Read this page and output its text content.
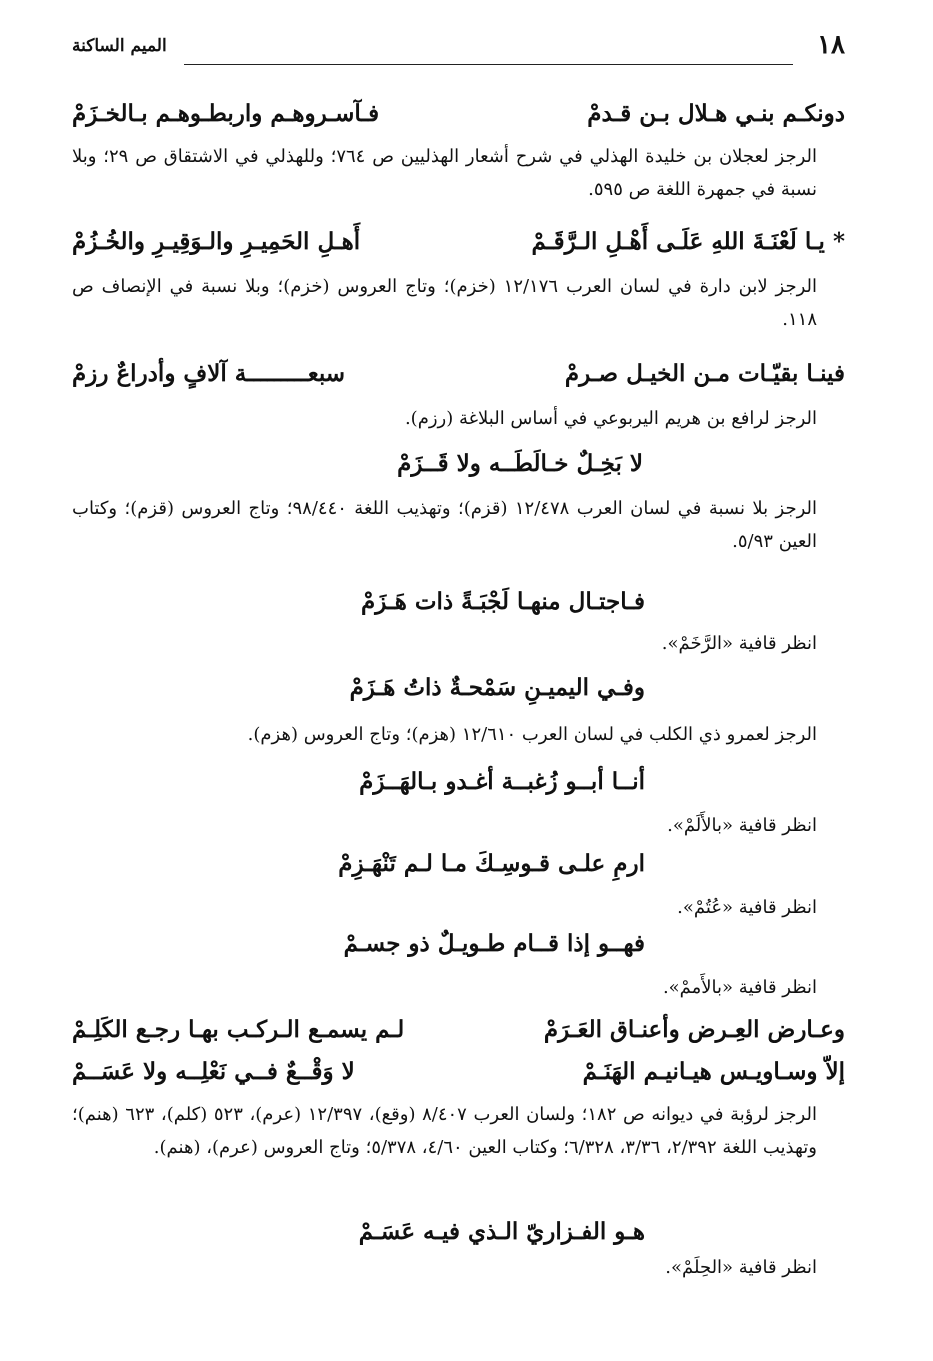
١٨
الميم الساكنة
دونكـم بنـي هـلال بـن قـدمْ
فـآسـروهـم واربطـوهـم بـالخـزَمْ
الرجز لعجلان بن خليدة الهذلي في شرح أشعار الهذليين ص ٧٦٤؛ وللهذلي في الاشتقاق ص ٢٩؛ وبلا نسبة في جمهرة اللغة ص ٥٩٥.
* يـا لَعْنَـةَ اللهِ عَلَـى أَهْـلِ الـرَّقَـمْ
أَهـلِ الحَمِيـرِ والـوَقِيـرِ والخُـزُمْ
الرجز لابن دارة في لسان العرب ١٢/١٧٦ (خزم)؛ وتاج العروس (خزم)؛ وبلا نسبة في الإنصاف ص ١١٨.
فينـا بقيّـات مـن الخيـل صـرمْ
سبعـــــــــة آلافٍ وأدراعٌ رزمْ
الرجز لرافع بن هريم اليربوعي في أساس البلاغة (رزم).
لا بَخِـلٌ خـالَطَــه ولا قَــزَمْ
الرجز بلا نسبة في لسان العرب ١٢/٤٧٨ (قزم)؛ وتهذيب اللغة ٩٨/٤٤٠؛ وتاج العروس (قزم)؛ وكتاب العين ٥/٩٣.
فـاجتـال منهـا لَجْبَـةً ذات هَـزَمْ
انظر قافية «الرَّخَمْ».
وفـي اليميـنِ سَمْحـةٌ ذاتُ هَـزَمْ
الرجز لعمرو ذي الكلب في لسان العرب ١٢/٦١٠ (هزم)؛ وتاج العروس (هزم).
أنــا أبــو زُغبــة أغـدو بـالهَــزَمْ
انظر قافية «بالأَلَمْ».
ارمِ علـى قـوسِـكَ مـا لـم تَنْهَـزِمْ
انظر قافية «عُتُمْ».
فهــو إذا قــام طـويـلٌ ذو جسـمْ
انظر قافية «بالأَممْ».
وعـارض العِـرض وأعنـاق العَـرَمْ
لـم يسمـع الـركـب بهـا رجـع الكَلِـمْ
إلاّ وسـاويـس هيـانيـم الهَنَـمْ
لا وَقْــعٌ فــي نَعْلِــه ولا عَسَــمْ
الرجز لرؤبة في ديوانه ص ١٨٢؛ ولسان العرب ٨/٤٠٧ (وقع)، ١٢/٣٩٧ (عرم)، ٥٢٣ (كلم)، ٦٢٣ (هنم)؛ وتهذيب اللغة ٢/٣٩٢، ٣/٣٦، ٦/٣٢٨؛ وكتاب العين ٤/٦٠، ٥/٣٧٨؛ وتاج العروس (عرم)، (هنم).
هـو الفـزاريّ الـذي فيـه عَسَـمْ
انظر قافية «الحِلَمْ».
